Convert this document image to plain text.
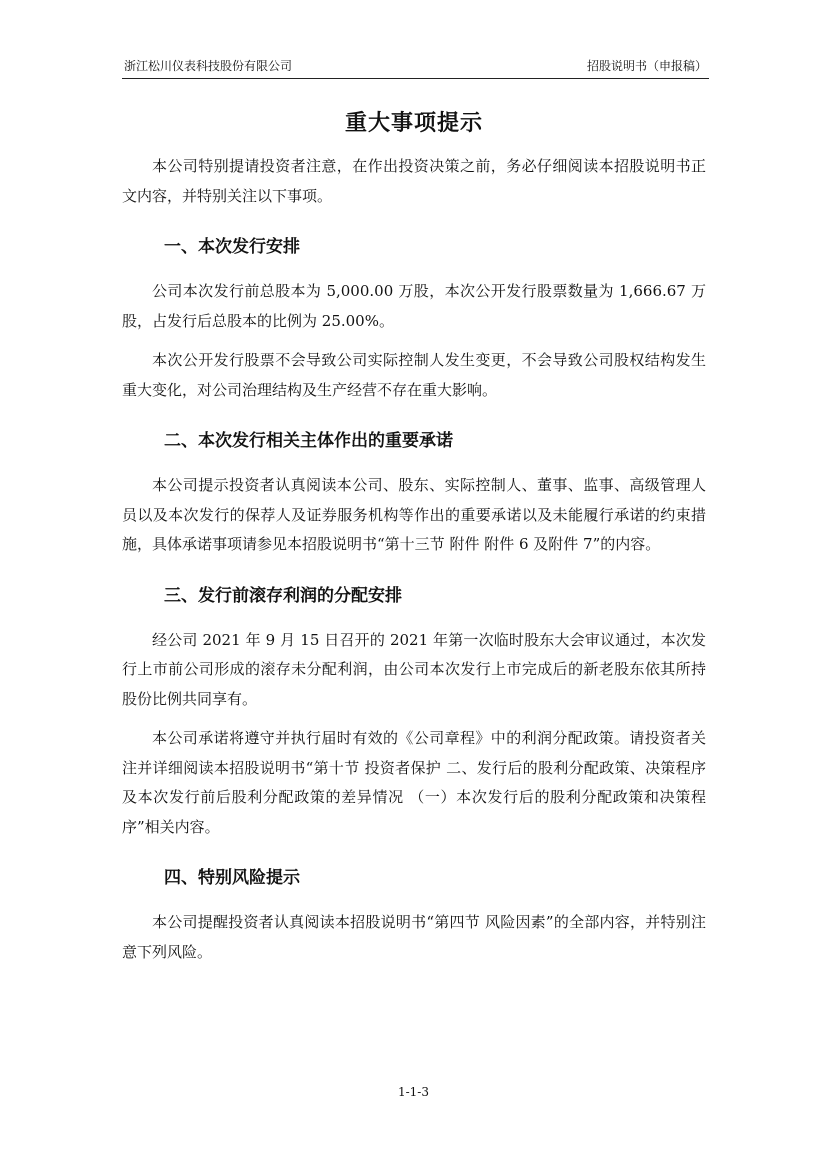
浙江松川仪表科技股份有限公司	招股说明书（申报稿）
重大事项提示

本公司特别提请投资者注意，在作出投资决策之前，务必仔细阅读本招股说明书正文内容，并特别关注以下事项。

一、本次发行安排

公司本次发行前总股本为 5,000.00 万股，本次公开发行股票数量为 1,666.67 万股，占发行后总股本的比例为 25.00%。

本次公开发行股票不会导致公司实际控制人发生变更，不会导致公司股权结构发生重大变化，对公司治理结构及生产经营不存在重大影响。

二、本次发行相关主体作出的重要承诺

本公司提示投资者认真阅读本公司、股东、实际控制人、董事、监事、高级管理人员以及本次发行的保荐人及证券服务机构等作出的重要承诺以及未能履行承诺的约束措施，具体承诺事项请参见本招股说明书“第十三节 附件 附件 6 及附件 7”的内容。

三、发行前滚存利润的分配安排

经公司 2021 年 9 月 15 日召开的 2021 年第一次临时股东大会审议通过，本次发行上市前公司形成的滚存未分配利润，由公司本次发行上市完成后的新老股东依其所持股份比例共同享有。

本公司承诺将遵守并执行届时有效的《公司章程》中的利润分配政策。请投资者关注并详细阅读本招股说明书“第十节 投资者保护 二、发行后的股利分配政策、决策程序及本次发行前后股利分配政策的差异情况 （一）本次发行后的股利分配政策和决策程序”相关内容。

四、特别风险提示

本公司提醒投资者认真阅读本招股说明书“第四节 风险因素”的全部内容，并特别注意下列风险。

1-1-3
